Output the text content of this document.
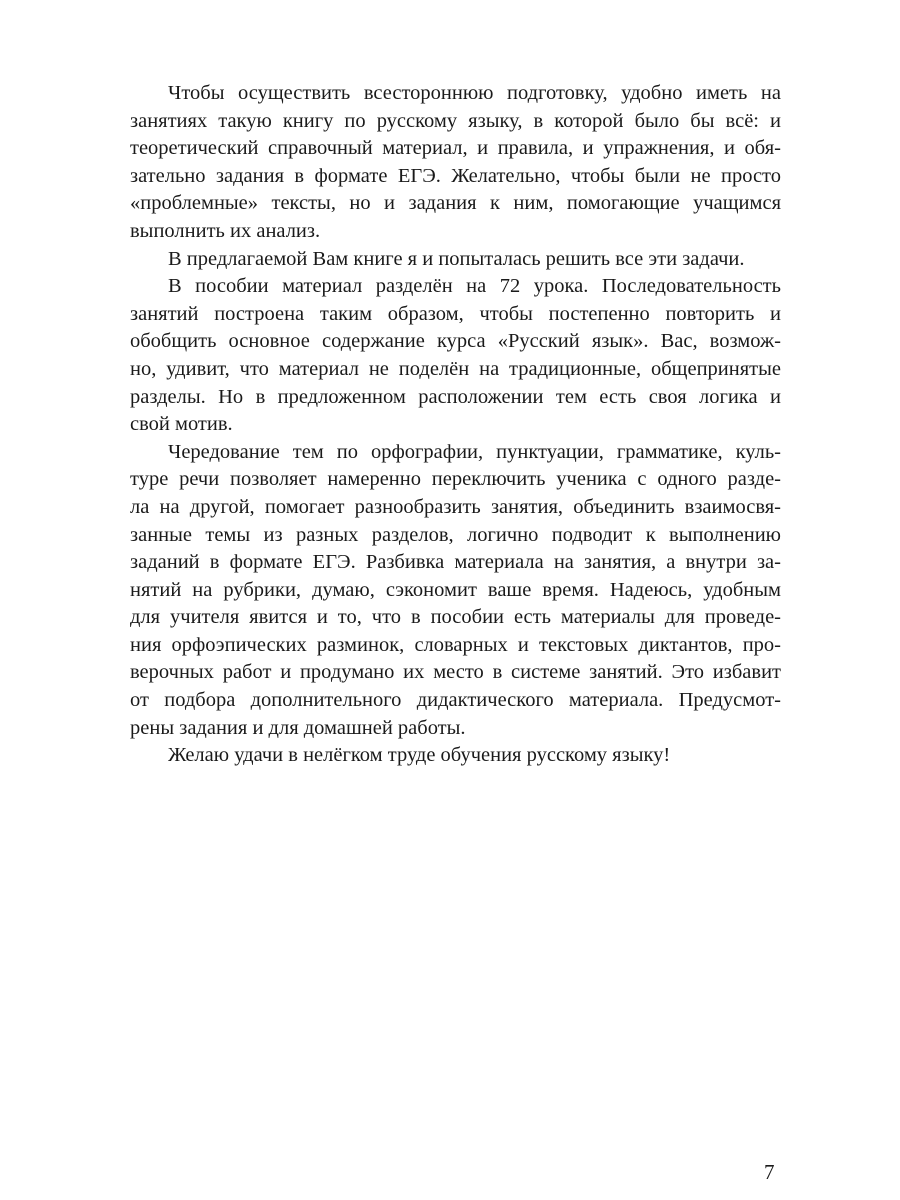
Чтобы осуществить всестороннюю подготовку, удобно иметь на
занятиях такую книгу по русскому языку, в которой было бы всё: и
теоретический справочный материал, и правила, и упражнения, и обя-
зательно задания в формате ЕГЭ. Желательно, чтобы были не просто
«проблемные» тексты, но и задания к ним, помогающие учащимся
выполнить их анализ.
В предлагаемой Вам книге я и попыталась решить все эти задачи.
В пособии материал разделён на 72 урока. Последовательность
занятий построена таким образом, чтобы постепенно повторить и
обобщить основное содержание курса «Русский язык». Вас, возмож-
но, удивит, что материал не поделён на традиционные, общепринятые
разделы. Но в предложенном расположении тем есть своя логика и
свой мотив.
Чередование тем по орфографии, пунктуации, грамматике, куль-
туре речи позволяет намеренно переключить ученика с одного разде-
ла на другой, помогает разнообразить занятия, объединить взаимосвя-
занные темы из разных разделов, логично подводит к выполнению
заданий в формате ЕГЭ. Разбивка материала на занятия, а внутри за-
нятий на рубрики, думаю, сэкономит ваше время. Надеюсь, удобным
для учителя явится и то, что в пособии есть материалы для проведе-
ния орфоэпических разминок, словарных и текстовых диктантов, про-
верочных работ и продумано их место в системе занятий. Это избавит
от подбора дополнительного дидактического материала. Предусмот-
рены задания и для домашней работы.
Желаю удачи в нелёгком труде обучения русскому языку!
7
